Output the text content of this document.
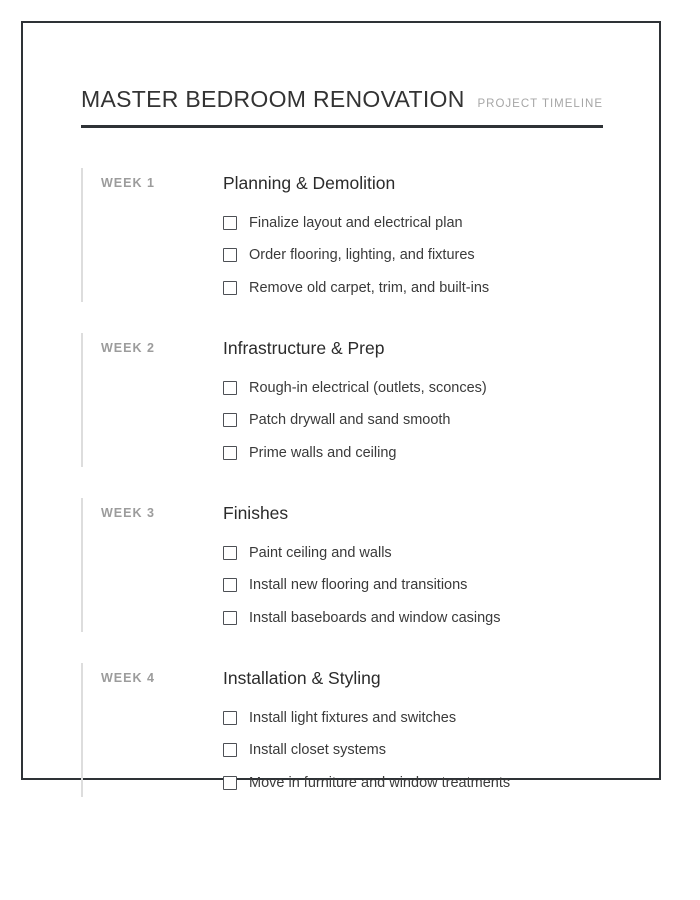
MASTER BEDROOM RENOVATION PROJECT TIMELINE
WEEK 1	Planning & Demolition
Finalize layout and electrical plan
Order flooring, lighting, and fixtures
Remove old carpet, trim, and built-ins
WEEK 2	Infrastructure & Prep
Rough-in electrical (outlets, sconces)
Patch drywall and sand smooth
Prime walls and ceiling
WEEK 3	Finishes
Paint ceiling and walls
Install new flooring and transitions
Install baseboards and window casings
WEEK 4	Installation & Styling
Install light fixtures and switches
Install closet systems
Move in furniture and window treatments
